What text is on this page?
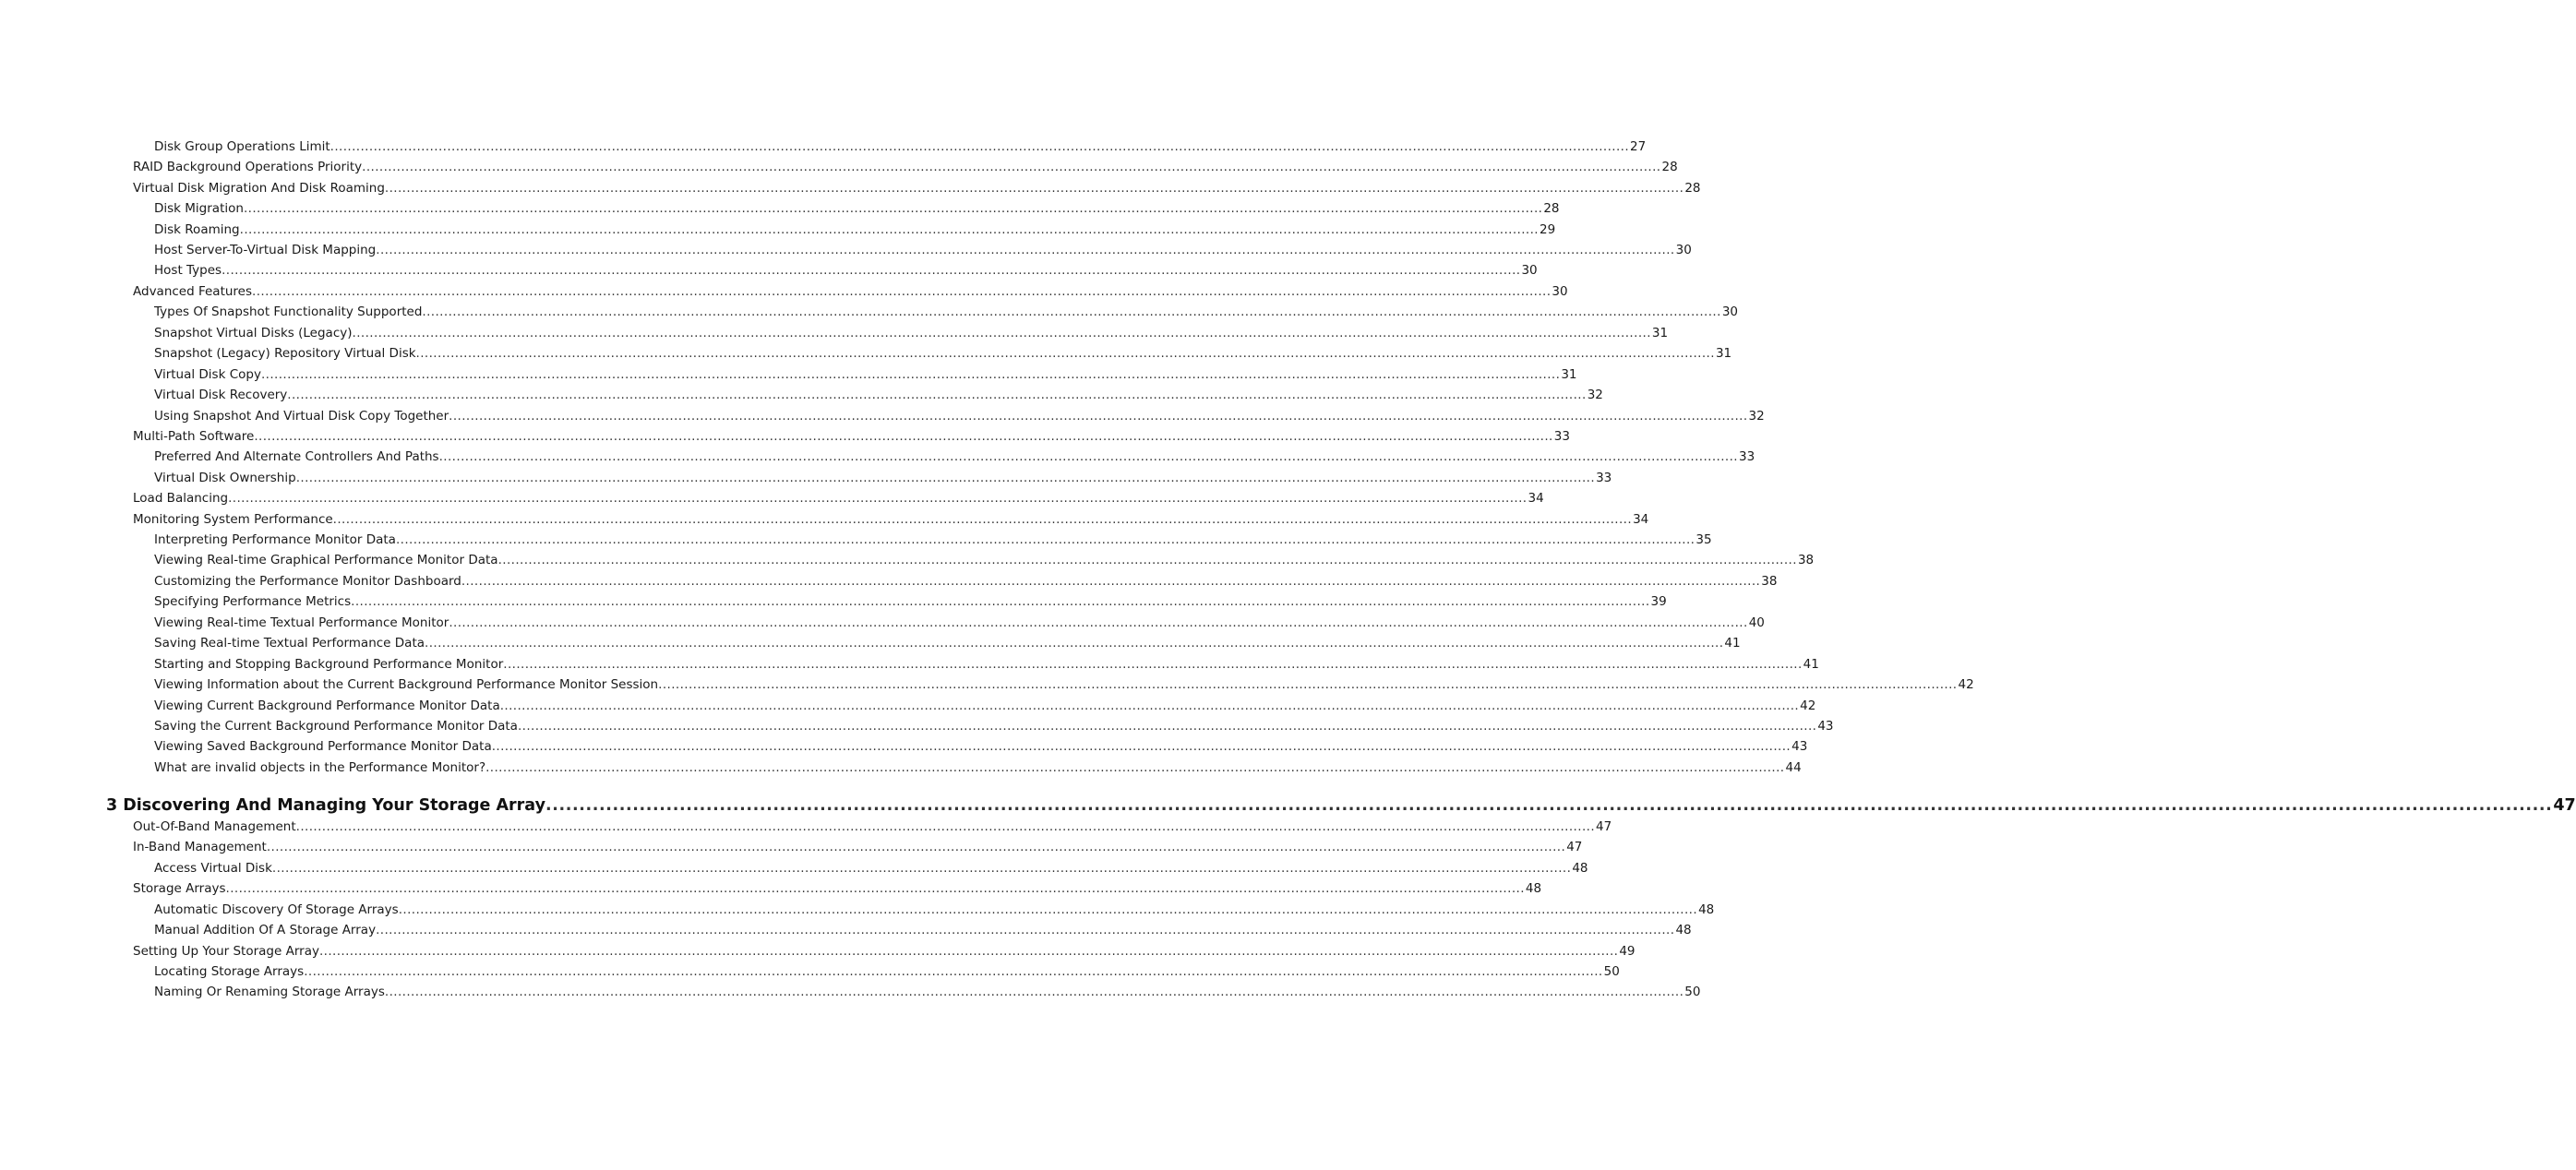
Disk Group Operations Limit ............................................................................................................................................................................................................................................................................................................ 27
RAID Background Operations Priority ............................................................................................................................................................................................................................................................................................................ 28
Virtual Disk Migration And Disk Roaming ............................................................................................................................................................................................................................................................................................................ 28
Disk Migration ............................................................................................................................................................................................................................................................................................................ 28
Disk Roaming ............................................................................................................................................................................................................................................................................................................ 29
Host Server-To-Virtual Disk Mapping ............................................................................................................................................................................................................................................................................................................ 30
Host Types ............................................................................................................................................................................................................................................................................................................ 30
Advanced Features ............................................................................................................................................................................................................................................................................................................ 30
Types Of Snapshot Functionality Supported ............................................................................................................................................................................................................................................................................................................ 30
Snapshot Virtual Disks (Legacy) ............................................................................................................................................................................................................................................................................................................ 31
Snapshot (Legacy) Repository Virtual Disk ............................................................................................................................................................................................................................................................................................................ 31
Virtual Disk Copy ............................................................................................................................................................................................................................................................................................................ 31
Virtual Disk Recovery ............................................................................................................................................................................................................................................................................................................ 32
Using Snapshot And Virtual Disk Copy Together ............................................................................................................................................................................................................................................................................................................ 32
Multi-Path Software ............................................................................................................................................................................................................................................................................................................ 33
Preferred And Alternate Controllers And Paths ............................................................................................................................................................................................................................................................................................................ 33
Virtual Disk Ownership ............................................................................................................................................................................................................................................................................................................ 33
Load Balancing ............................................................................................................................................................................................................................................................................................................ 34
Monitoring System Performance ............................................................................................................................................................................................................................................................................................................ 34
Interpreting Performance Monitor Data ............................................................................................................................................................................................................................................................................................................ 35
Viewing Real-time Graphical Performance Monitor Data ............................................................................................................................................................................................................................................................................................................ 38
Customizing the Performance Monitor Dashboard ............................................................................................................................................................................................................................................................................................................ 38
Specifying Performance Metrics ............................................................................................................................................................................................................................................................................................................ 39
Viewing Real-time Textual Performance Monitor ............................................................................................................................................................................................................................................................................................................ 40
Saving Real-time Textual Performance Data ............................................................................................................................................................................................................................................................................................................ 41
Starting and Stopping Background Performance Monitor ............................................................................................................................................................................................................................................................................................................ 41
Viewing Information about the Current Background Performance Monitor Session ............................................................................................................................................................................................................................................................................................................ 42
Viewing Current Background Performance Monitor Data ............................................................................................................................................................................................................................................................................................................ 42
Saving the Current Background Performance Monitor Data ............................................................................................................................................................................................................................................................................................................ 43
Viewing Saved Background Performance Monitor Data ............................................................................................................................................................................................................................................................................................................ 43
What are invalid objects in the Performance Monitor? ............................................................................................................................................................................................................................................................................................................ 44
3 Discovering And Managing Your Storage Array ............................................................................................................................................................................................................................................................................................................ 47
Out-Of-Band Management ............................................................................................................................................................................................................................................................................................................ 47
In-Band Management ............................................................................................................................................................................................................................................................................................................ 47
Access Virtual Disk ............................................................................................................................................................................................................................................................................................................ 48
Storage Arrays ............................................................................................................................................................................................................................................................................................................ 48
Automatic Discovery Of Storage Arrays ............................................................................................................................................................................................................................................................................................................ 48
Manual Addition Of A Storage Array ............................................................................................................................................................................................................................................................................................................ 48
Setting Up Your Storage Array ............................................................................................................................................................................................................................................................................................................ 49
Locating Storage Arrays ............................................................................................................................................................................................................................................................................................................ 50
Naming Or Renaming Storage Arrays ............................................................................................................................................................................................................................................................................................................ 50
